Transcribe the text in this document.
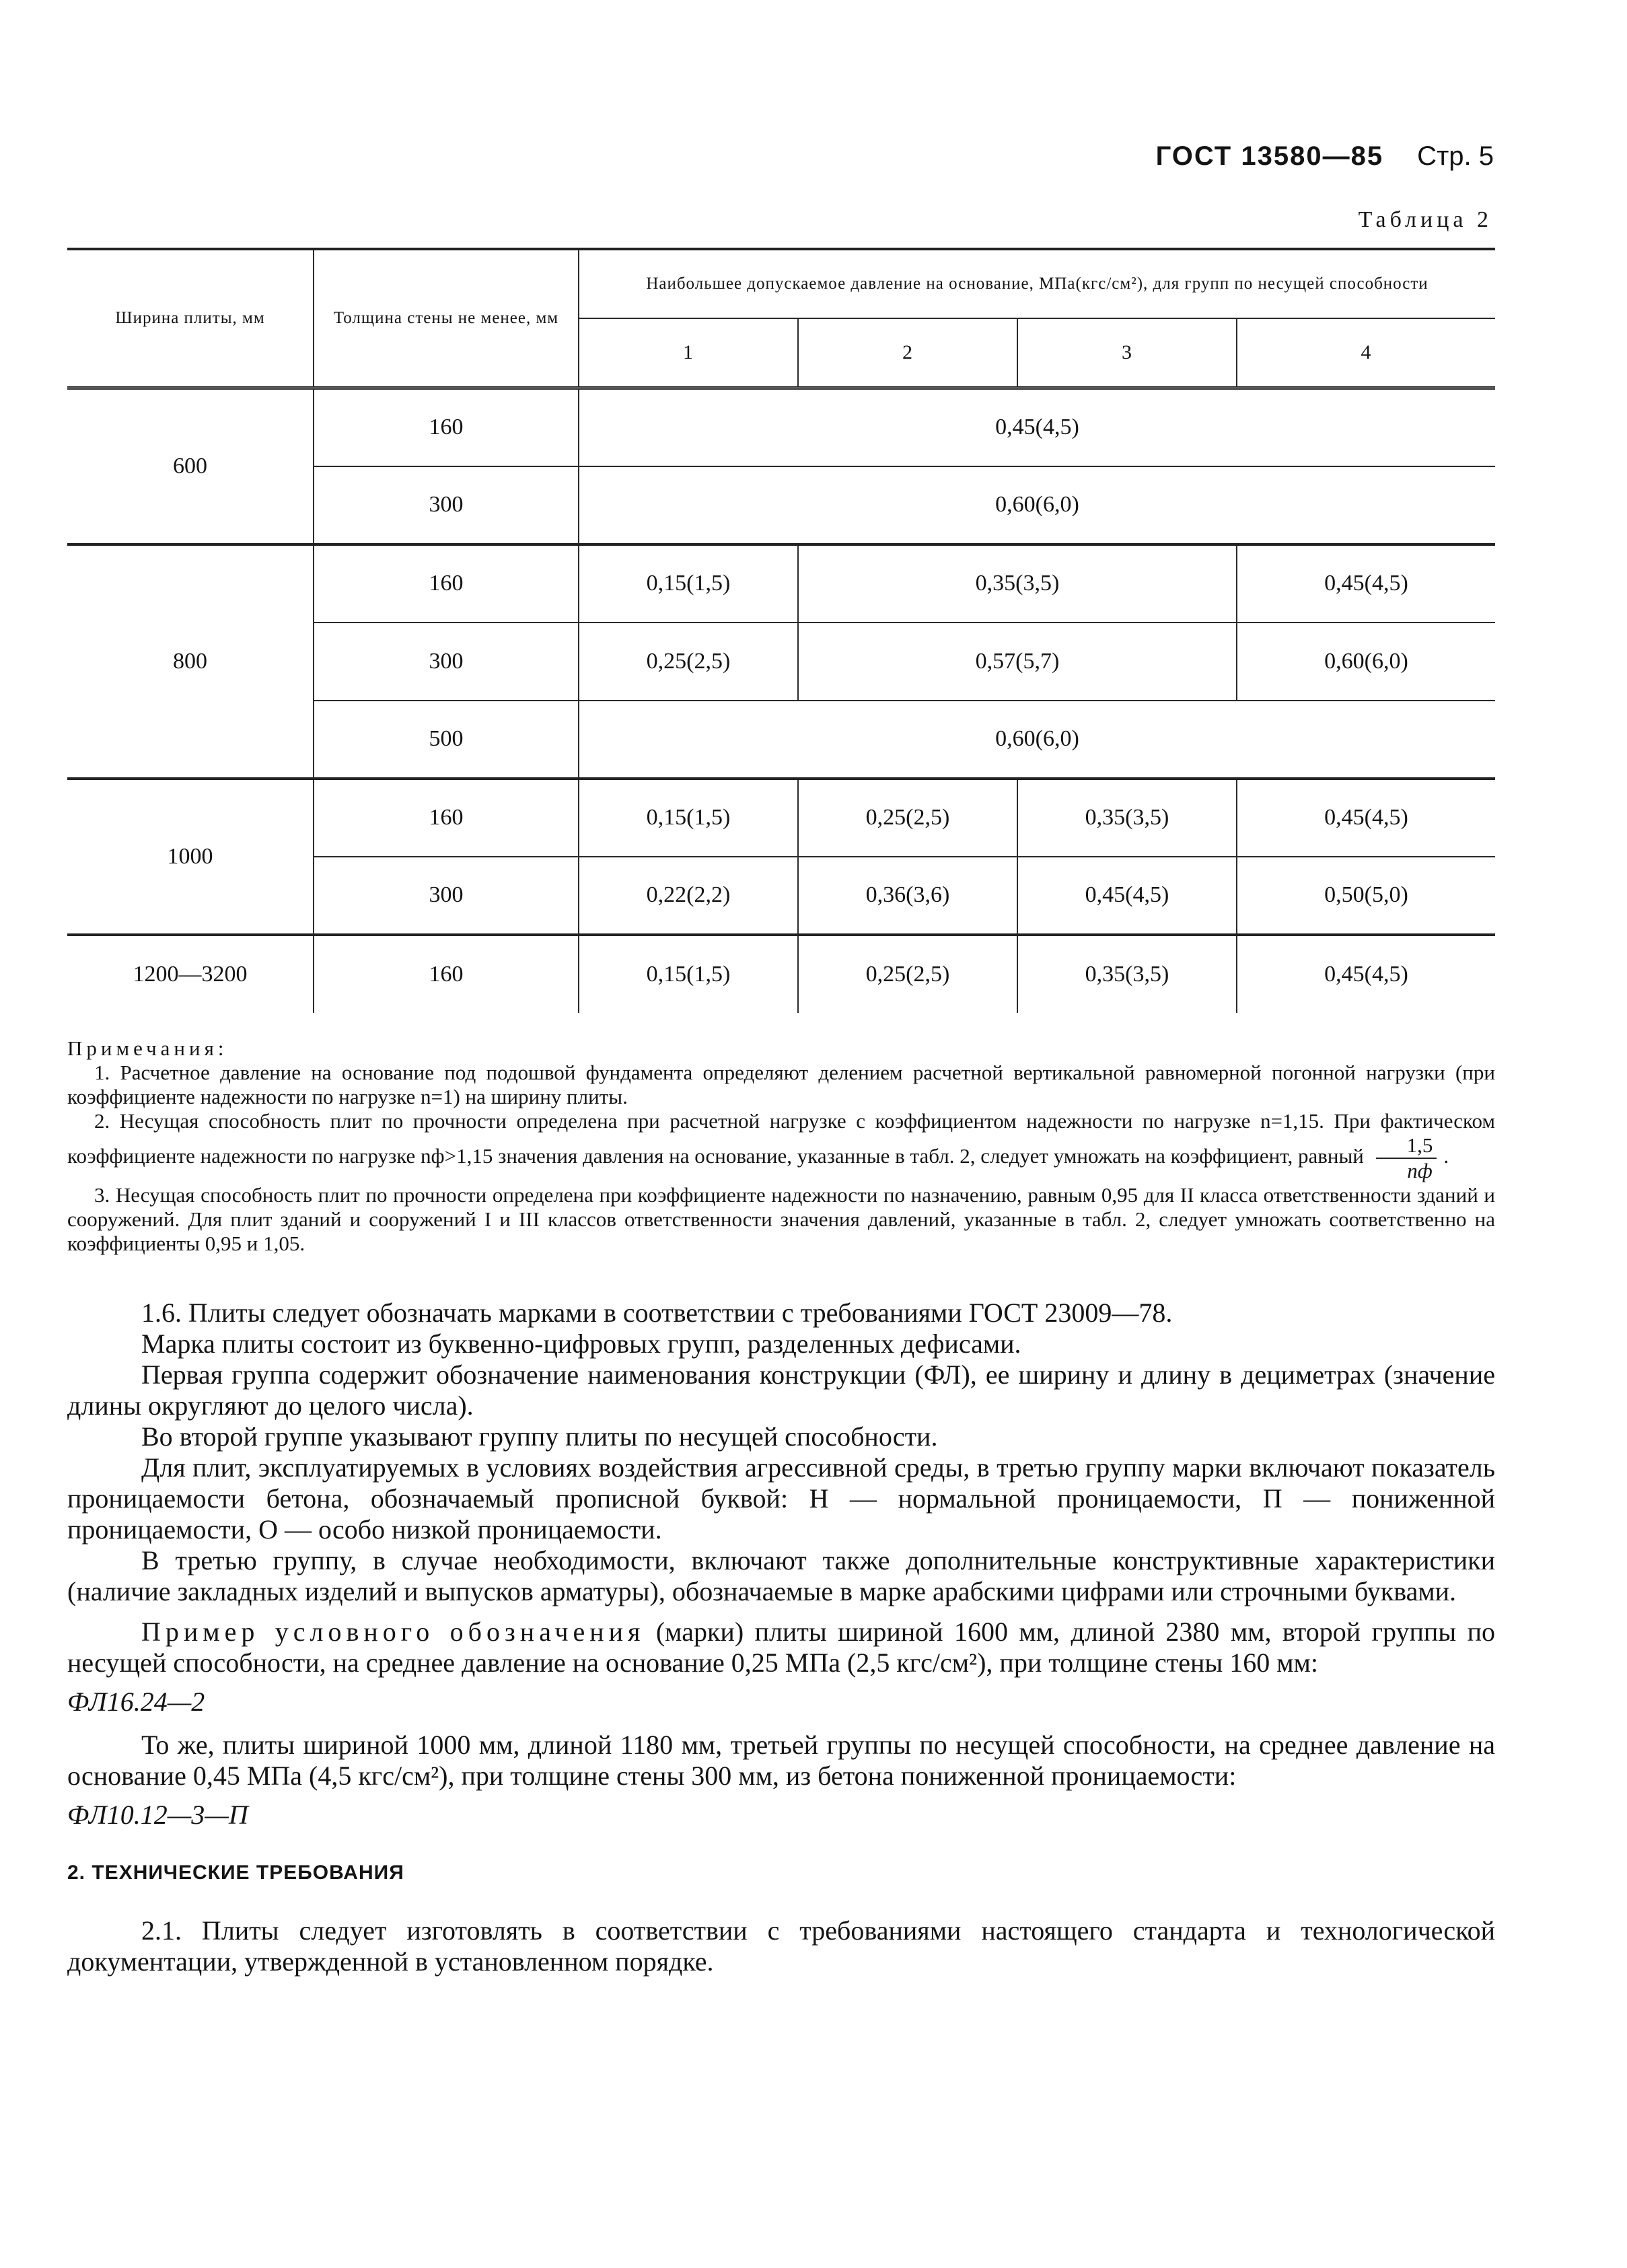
ГОСТ 13580—85 Стр. 5
Таблица 2
Ширина плиты, мм	Толщина стены не менее, мм	Наибольшее допускаемое давление на основание, МПа(кгс/см²), для групп по несущей способности			
		1	2	3	4
600	160	0,45(4,5)			
	300	0,60(6,0)			
800	160	0,15(1,5)	0,35(3,5)		0,45(4,5)
	300	0,25(2,5)	0,57(5,7)		0,60(6,0)
	500	0,60(6,0)			
1000	160	0,15(1,5)	0,25(2,5)	0,35(3,5)	0,45(4,5)
	300	0,22(2,2)	0,36(3,6)	0,45(4,5)	0,50(5,0)
1200—3200	160	0,15(1,5)	0,25(2,5)	0,35(3,5)	0,45(4,5)

Примечания:

1. Расчетное давление на основание под подошвой фундамента определяют делением расчетной вертикальной равномерной погонной нагрузки (при коэффициенте надежности по нагрузке n=1) на ширину плиты.

2. Несущая способность плит по прочности определена при расчетной нагрузке с коэффициентом надежности по нагрузке n=1,15. При фактическом коэффициенте надежности по нагрузке nф>1,15 значения давления на основание, указанные в табл. 2, следует умножать на коэффициент, равный $\frac{1,5}{nф}$ .

3. Несущая способность плит по прочности определена при коэффициенте надежности по назначению, равным 0,95 для II класса ответственности зданий и сооружений. Для плит зданий и сооружений I и III классов ответственности значения давлений, указанные в табл. 2, следует умножать соответственно на коэффициенты 0,95 и 1,05.

1.6. Плиты следует обозначать марками в соответствии с требованиями ГОСТ 23009—78.

Марка плиты состоит из буквенно-цифровых групп, разделенных дефисами.

Первая группа содержит обозначение наименования конструкции (ФЛ), ее ширину и длину в дециметрах (значение длины округляют до целого числа).

Во второй группе указывают группу плиты по несущей способности.

Для плит, эксплуатируемых в условиях воздействия агрессивной среды, в третью группу марки включают показатель проницаемости бетона, обозначаемый прописной буквой: Н — нормальной проницаемости, П — пониженной проницаемости, О — особо низкой проницаемости.

В третью группу, в случае необходимости, включают также дополнительные конструктивные характеристики (наличие закладных изделий и выпусков арматуры), обозначаемые в марке арабскими цифрами или строчными буквами.

Пример условного обозначения (марки) плиты шириной 1600 мм, длиной 2380 мм, второй группы по несущей способности, на среднее давление на основание 0,25 МПа (2,5 кгс/см²), при толщине стены 160 мм:

ФЛ16.24—2

То же, плиты шириной 1000 мм, длиной 1180 мм, третьей группы по несущей способности, на среднее давление на основание 0,45 МПа (4,5 кгс/см²), при толщине стены 300 мм, из бетона пониженной проницаемости:

ФЛ10.12—3—П

2. ТЕХНИЧЕСКИЕ ТРЕБОВАНИЯ

2.1. Плиты следует изготовлять в соответствии с требованиями настоящего стандарта и технологической документации, утвержденной в установленном порядке.
